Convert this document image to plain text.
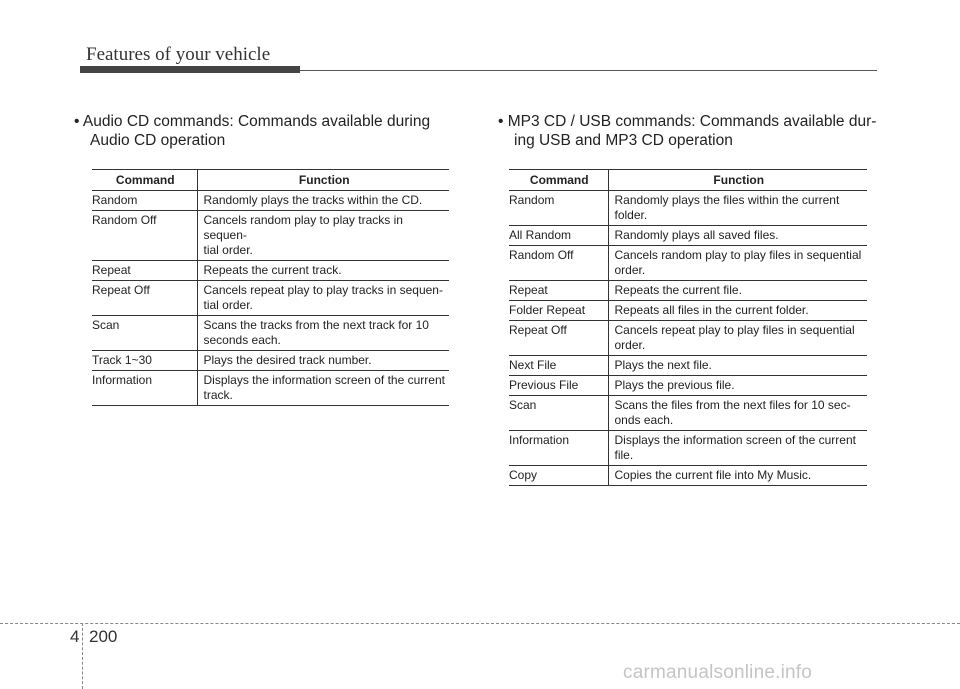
Features of your vehicle
• Audio CD commands: Commands available during
Audio CD operation
Command	Function
Random	Randomly plays the tracks within the CD.

Random Off	Cancels random play to play tracks in sequen-
tial order.

Repeat	Repeats the current track.

Repeat Off	Cancels repeat play to play tracks in sequen-
tial order.

Scan	Scans the tracks from the next track for 10
seconds each.

Track 1~30	Plays the desired track number.

Information	Displays the information screen of the current
track.
• MP3 CD / USB commands: Commands available dur-
ing USB and MP3 CD operation
Command	Function
Random	Randomly plays the files within the current
folder.

All Random	Randomly plays all saved files.

Random Off	Cancels random play to play files in sequential
order.

Repeat	Repeats the current file.

Folder Repeat	Repeats all files in the current folder.

Repeat Off	Cancels repeat play to play files in sequential
order.

Next File	Plays the next file.

Previous File	Plays the previous file.

Scan	Scans the files from the next files for 10 sec-
onds each.

Information	Displays the information screen of the current
file.

Copy	Copies the current file into My Music.
4 200
carmanualsonline.info
